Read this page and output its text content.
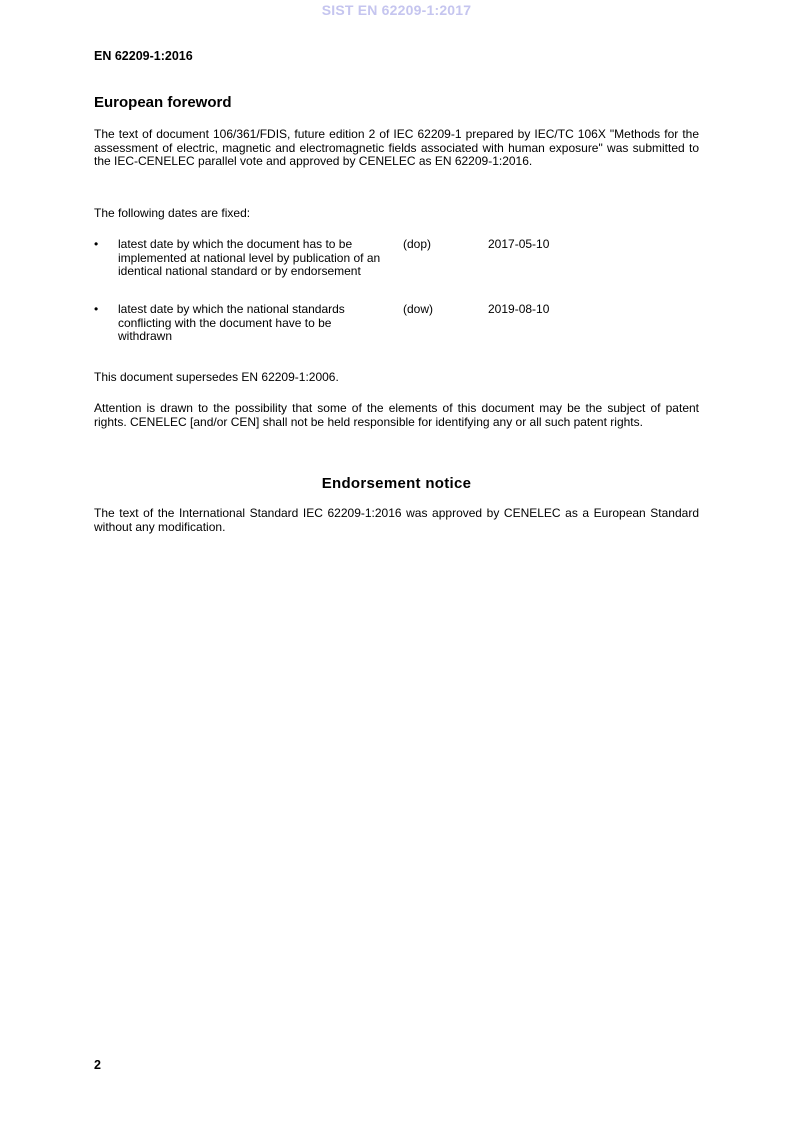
SIST EN 62209-1:2017
EN 62209-1:2016
European foreword
The text of document 106/361/FDIS, future edition 2 of IEC 62209-1 prepared by IEC/TC 106X "Methods for the assessment of electric, magnetic and electromagnetic fields associated with human exposure" was submitted to the IEC-CENELEC parallel vote and approved by CENELEC as EN 62209-1:2016.
The following dates are fixed:
• latest date by which the document has to be implemented at national level by publication of an identical national standard or by endorsement
(dop)	2017-05-10
• latest date by which the national standards conflicting with the document have to be withdrawn
(dow)	2019-08-10
This document supersedes EN 62209-1:2006.
Attention is drawn to the possibility that some of the elements of this document may be the subject of patent rights. CENELEC [and/or CEN] shall not be held responsible for identifying any or all such patent rights.
Endorsement notice
The text of the International Standard IEC 62209-1:2016 was approved by CENELEC as a European Standard without any modification.
2
